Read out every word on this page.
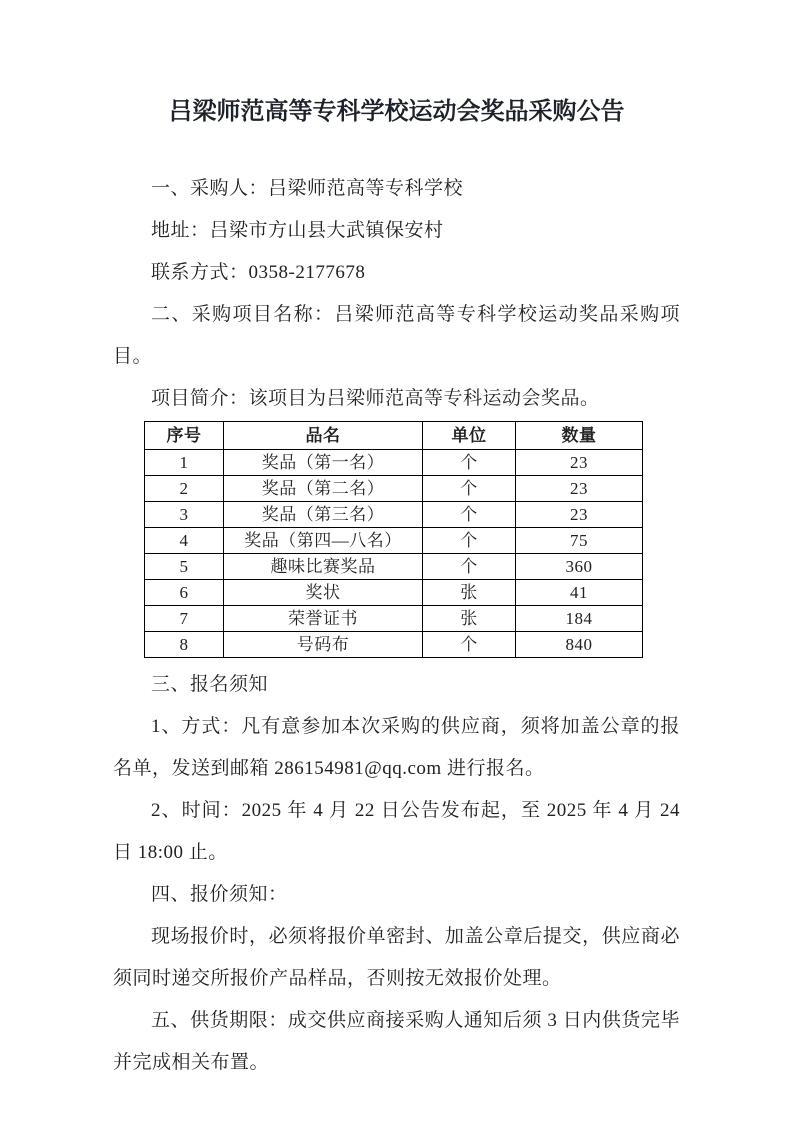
吕梁师范高等专科学校运动会奖品采购公告

一、采购人：吕梁师范高等专科学校

地址：吕梁市方山县大武镇保安村

联系方式：0358-2177678

二、采购项目名称：吕梁师范高等专科学校运动奖品采购项目。

项目简介：该项目为吕梁师范高等专科运动会奖品。

序号	品名	单位	数量
1	奖品（第一名）	个	23
2	奖品（第二名）	个	23
3	奖品（第三名）	个	23
4	奖品（第四—八名）	个	75
5	趣味比赛奖品	个	360
6	奖状	张	41
7	荣誉证书	张	184
8	号码布	个	840

三、报名须知

1、方式：凡有意参加本次采购的供应商，须将加盖公章的报名单，发送到邮箱 286154981@qq.com 进行报名。

2、时间：2025 年 4 月 22 日公告发布起，至 2025 年 4 月 24 日 18:00 止。

四、报价须知：

现场报价时，必须将报价单密封、加盖公章后提交，供应商必须同时递交所报价产品样品，否则按无效报价处理。

五、供货期限：成交供应商接采购人通知后须 3 日内供货完毕并完成相关布置。
